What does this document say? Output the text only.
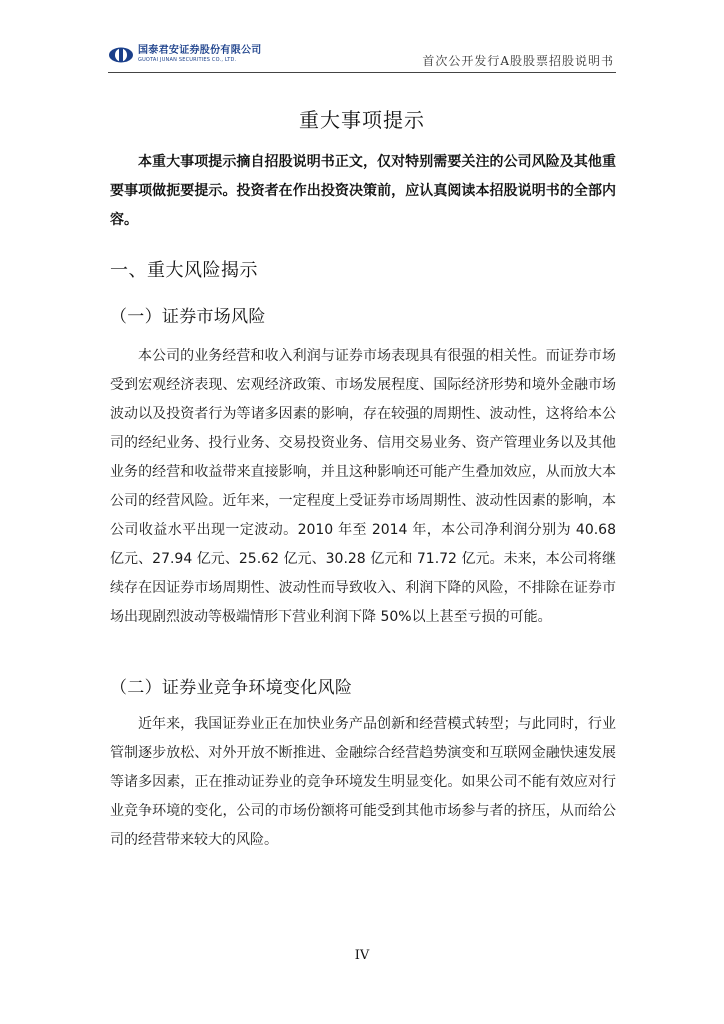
国泰君安证券股份有限公司
GUOTAI JUNAN SECURITIES CO., LTD.	首次公开发行A股股票招股说明书
重大事项提示
本重大事项提示摘自招股说明书正文，仅对特别需要关注的公司风险及其他重要事项做扼要提示。投资者在作出投资决策前，应认真阅读本招股说明书的全部内容。
一、重大风险揭示
（一）证券市场风险
本公司的业务经营和收入利润与证券市场表现具有很强的相关性。而证券市场受到宏观经济表现、宏观经济政策、市场发展程度、国际经济形势和境外金融市场波动以及投资者行为等诸多因素的影响，存在较强的周期性、波动性，这将给本公司的经纪业务、投行业务、交易投资业务、信用交易业务、资产管理业务以及其他业务的经营和收益带来直接影响，并且这种影响还可能产生叠加效应，从而放大本公司的经营风险。近年来，一定程度上受证券市场周期性、波动性因素的影响，本公司收益水平出现一定波动。2010 年至 2014 年，本公司净利润分别为 40.68 亿元、27.94 亿元、25.62 亿元、30.28 亿元和 71.72 亿元。未来，本公司将继续存在因证券市场周期性、波动性而导致收入、利润下降的风险，不排除在证券市场出现剧烈波动等极端情形下营业利润下降 50%以上甚至亏损的可能。
（二）证券业竞争环境变化风险
近年来，我国证券业正在加快业务产品创新和经营模式转型；与此同时，行业管制逐步放松、对外开放不断推进、金融综合经营趋势演变和互联网金融快速发展等诸多因素，正在推动证券业的竞争环境发生明显变化。如果公司不能有效应对行业竞争环境的变化，公司的市场份额将可能受到其他市场参与者的挤压，从而给公司的经营带来较大的风险。
IV
